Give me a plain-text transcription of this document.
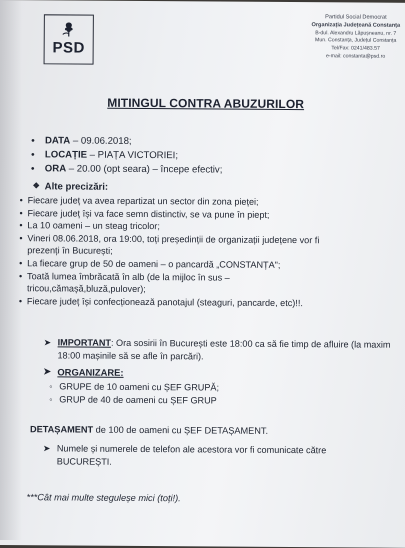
PSD
Partidul Social Democrat
Organizația Județeană Constanța
B-dul. Alexandru Lăpușneanu, nr. 7
Mun. Constanța, Județul Constanța
Tel/Fax: 0241/483.57
e-mail: constanta@psd.ro
MITINGUL CONTRA ABUZURILOR
● DATA – 09.06.2018;
● LOCAȚIE – PIAȚA VICTORIEI;
● ORA – 20.00 (opt seara) – începe efectiv;
❖ Alte precizări:
• Fiecare județ va avea repartizat un sector din zona pieței;
• Fiecare județ își va face semn distinctiv, se va pune în piept;
• La 10 oameni – un steag tricolor;
• Vineri 08.06.2018, ora 19:00, toți președinții de organizații județene vor fi
prezenți în București;
• La fiecare grup de 50 de oameni – o pancardă „CONSTANȚA";
• Toată lumea îmbrăcată în alb (de la mijloc în sus –
tricou,cămașă,bluză,pulover);
• Fiecare județ își confecționează panotajul (steaguri, pancarde, etc)!!.
➤ IMPORTANT: Ora sosirii în București este 18:00 ca să fie timp de afluire (la maxim 18:00 mașinile să se afle în parcări).
➤ ORGANIZARE:
◦ GRUPE de 10 oameni cu ȘEF GRUPĂ;
◦ GRUP de 40 de oameni cu ȘEF GRUP
DETAȘAMENT de 100 de oameni cu ȘEF DETAȘAMENT.
➤ Numele și numerele de telefon ale acestora vor fi comunicate către BUCUREȘTI.
***Cât mai multe steguleșe mici (toți!).
